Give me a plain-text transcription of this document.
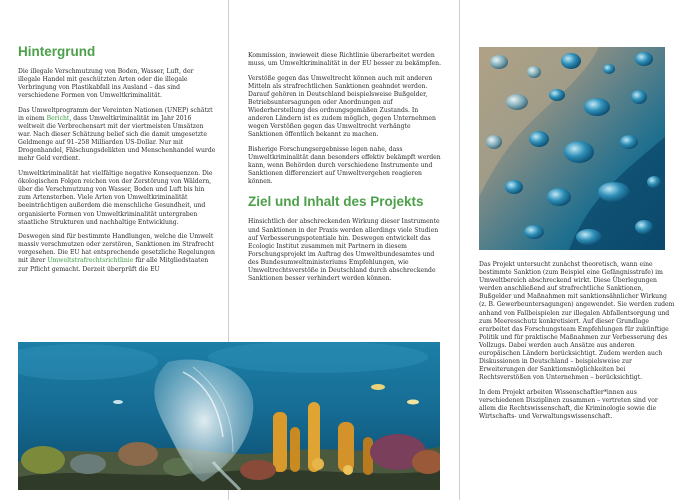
Hintergrund

Die illegale Verschmutzung von Boden, Wasser, Luft, der illegale Handel mit geschützten Arten oder die illegale Verbringung von Plastikabfall ins Ausland – das sind verschiedene Formen von Umweltkriminalität.

Das Umweltprogramm der Vereinten Nationen (UNEP) schätzt in einem Bericht, dass Umweltkriminalität im Jahr 2016 weltweit die Verbrechensart mit der viertmeisten Umsätzen war. Nach dieser Schätzung belief sich die damit umgesetzte Geldmenge auf 91–258 Milliarden US-Dollar. Nur mit Drogenhandel, Fälschungsdelikten und Menschenhandel wurde mehr Geld verdient.

Umweltkriminalität hat vielfältige negative Konsequenzen. Die ökologischen Folgen reichen von der Zerstörung von Wäldern, über die Verschmutzung von Wasser, Boden und Luft bis hin zum Artensterben. Viele Arten von Umweltkriminalität beeinträchtigen außerdem die menschliche Gesundheit, und organisierte Formen von Umweltkriminalität untergraben staatliche Strukturen und nachhaltige Entwicklung.

Deswegen sind für bestimmte Handlungen, welche die Umwelt massiv verschmutzen oder zerstören, Sanktionen im Strafrecht vorgesehen. Die EU hat entsprechende gesetzliche Regelungen mit ihrer Umweltstrafrechtsrichtlinie für alle Mitgliedstaaten zur Pflicht gemacht. Derzeit überprüft die EU

Kommission, inwieweit diese Richtlinie überarbeitet werden muss, um Umweltkriminalität in der EU besser zu bekämpfen.

Verstöße gegen das Umweltrecht können auch mit anderen Mitteln als strafrechtlichen Sanktionen geahndet werden. Darauf gehören in Deutschland beispielsweise Bußgelder, Betriebsuntersagungen oder Anordnungen auf Wiederherstellung des ordnungsgemäßen Zustands. In anderen Ländern ist es zudem möglich, gegen Unternehmen wegen Verstößen gegen das Umweltrecht verhängte Sanktionen öffentlich bekannt zu machen.

Bisherige Forschungsergebnisse legen nahe, dass Umweltkriminalität dann besonders effektiv bekämpft werden kann, wenn Behörden durch verschiedene Instrumente und Sanktionen differenziert auf Umweltvergehen reagieren können.

Ziel und Inhalt des Projekts

Hinsichtlich der abschreckenden Wirkung dieser Instrumente und Sanktionen in der Praxis werden allerdings viele Studien auf Verbesserungspotentiale hin. Deswegen entwickelt das Ecologic Institut zusammen mit Partnern in diesem Forschungsprojekt im Auftrag des Umweltbundesamtes und des Bundesumweltministeriums Empfehlungen, wie Umweltrechtsverstöße in Deutschland durch abschreckende Sanktionen besser verhindert werden können.

Das Projekt untersucht zunächst theoretisch, wann eine bestimmte Sanktion (zum Beispiel eine Gefängnisstrafe) im Umweltbereich abschreckend wirkt. Diese Überlegungen werden anschließend auf strafrechtliche Sanktionen, Bußgelder und Maßnahmen mit sanktionsähnlicher Wirkung (z. B. Gewerbeuntersagungen) angewendet. Sie werden zudem anhand von Fallbeispielen zur illegalen Abfallentsorgung und zum Meeresschutz konkretisiert. Auf dieser Grundlage erarbeitet das Forschungsteam Empfehlungen für zukünftige Politik und für praktische Maßnahmen zur Verbesserung des Vollzugs. Dabei werden auch Ansätze aus anderen europäischen Ländern berücksichtigt. Zudem werden auch Diskussionen in Deutschland – beispielsweise zur Erweiterungen der Sanktionsmöglichkeiten bei Rechtsverstößen von Unternehmen – berücksichtigt.

In dem Projekt arbeiten Wissenschaftler*innen aus verschiedenen Disziplinen zusammen – vertreten sind vor allem die Rechtswissenschaft, die Kriminologie sowie die Wirtschafts- und Verwaltungswissenschaft.
